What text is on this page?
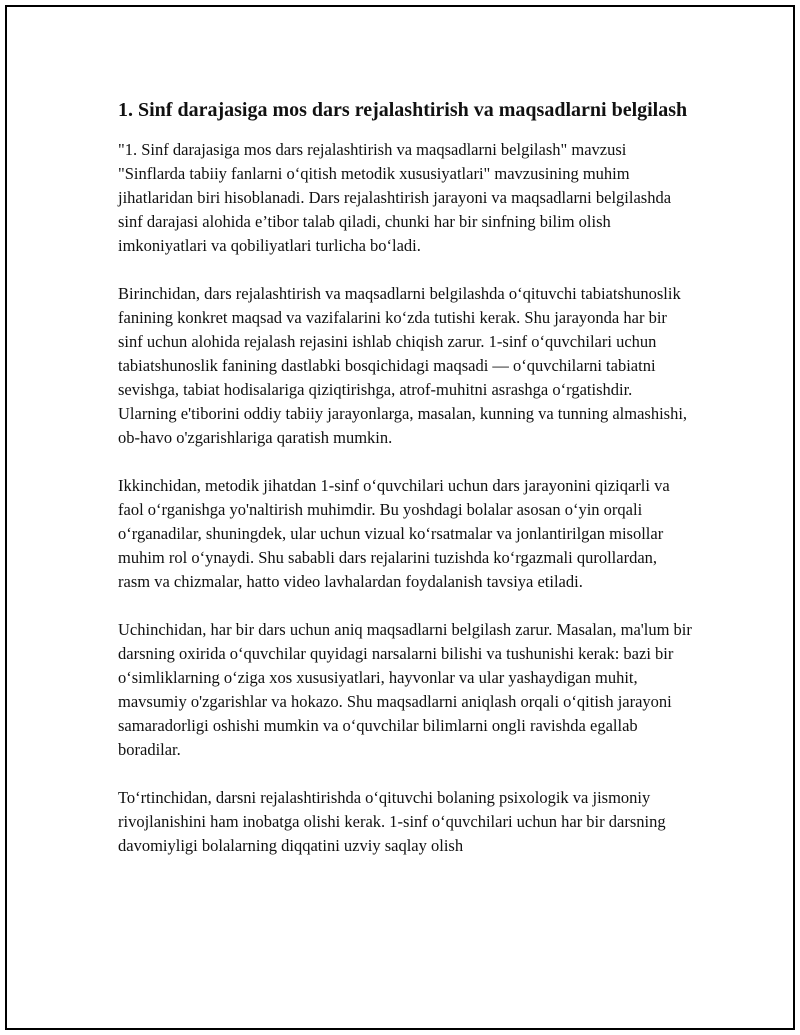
1. Sinf darajasiga mos dars rejalashtirish va maqsadlarni belgilash

"1. Sinf darajasiga mos dars rejalashtirish va maqsadlarni belgilash" mavzusi "Sinflarda tabiiy fanlarni o‘qitish metodik xususiyatlari" mavzusining muhim jihatlaridan biri hisoblanadi. Dars rejalashtirish jarayoni va maqsadlarni belgilashda sinf darajasi alohida e’tibor talab qiladi, chunki har bir sinfning bilim olish imkoniyatlari va qobiliyatlari turlicha bo‘ladi.

Birinchidan, dars rejalashtirish va maqsadlarni belgilashda o‘qituvchi tabiatshunoslik fanining konkret maqsad va vazifalarini ko‘zda tutishi kerak. Shu jarayonda har bir sinf uchun alohida rejalash rejasini ishlab chiqish zarur. 1-sinf o‘quvchilari uchun tabiatshunoslik fanining dastlabki bosqichidagi maqsadi — o‘quvchilarni tabiatni sevishga, tabiat hodisalariga qiziqtirishga, atrof-muhitni asrashga o‘rgatishdir. Ularning e'tiborini oddiy tabiiy jarayonlarga, masalan, kunning va tunning almashishi, ob-havo o'zgarishlariga qaratish mumkin.

Ikkinchidan, metodik jihatdan 1-sinf o‘quvchilari uchun dars jarayonini qiziqarli va faol o‘rganishga yo'naltirish muhimdir. Bu yoshdagi bolalar asosan o‘yin orqali o‘rganadilar, shuningdek, ular uchun vizual ko‘rsatmalar va jonlantirilgan misollar muhim rol o‘ynaydi. Shu sababli dars rejalarini tuzishda ko‘rgazmali qurollardan, rasm va chizmalar, hatto video lavhalardan foydalanish tavsiya etiladi.

Uchinchidan, har bir dars uchun aniq maqsadlarni belgilash zarur. Masalan, ma'lum bir darsning oxirida o‘quvchilar quyidagi narsalarni bilishi va tushunishi kerak: bazi bir o‘simliklarning o‘ziga xos xususiyatlari, hayvonlar va ular yashaydigan muhit, mavsumiy o'zgarishlar va hokazo. Shu maqsadlarni aniqlash orqali o‘qitish jarayoni samaradorligi oshishi mumkin va o‘quvchilar bilimlarni ongli ravishda egallab boradilar.

To‘rtinchidan, darsni rejalashtirishda o‘qituvchi bolaning psixologik va jismoniy rivojlanishini ham inobatga olishi kerak. 1-sinf o‘quvchilari uchun har bir darsning davomiyligi bolalarning diqqatini uzviy saqlay olish
